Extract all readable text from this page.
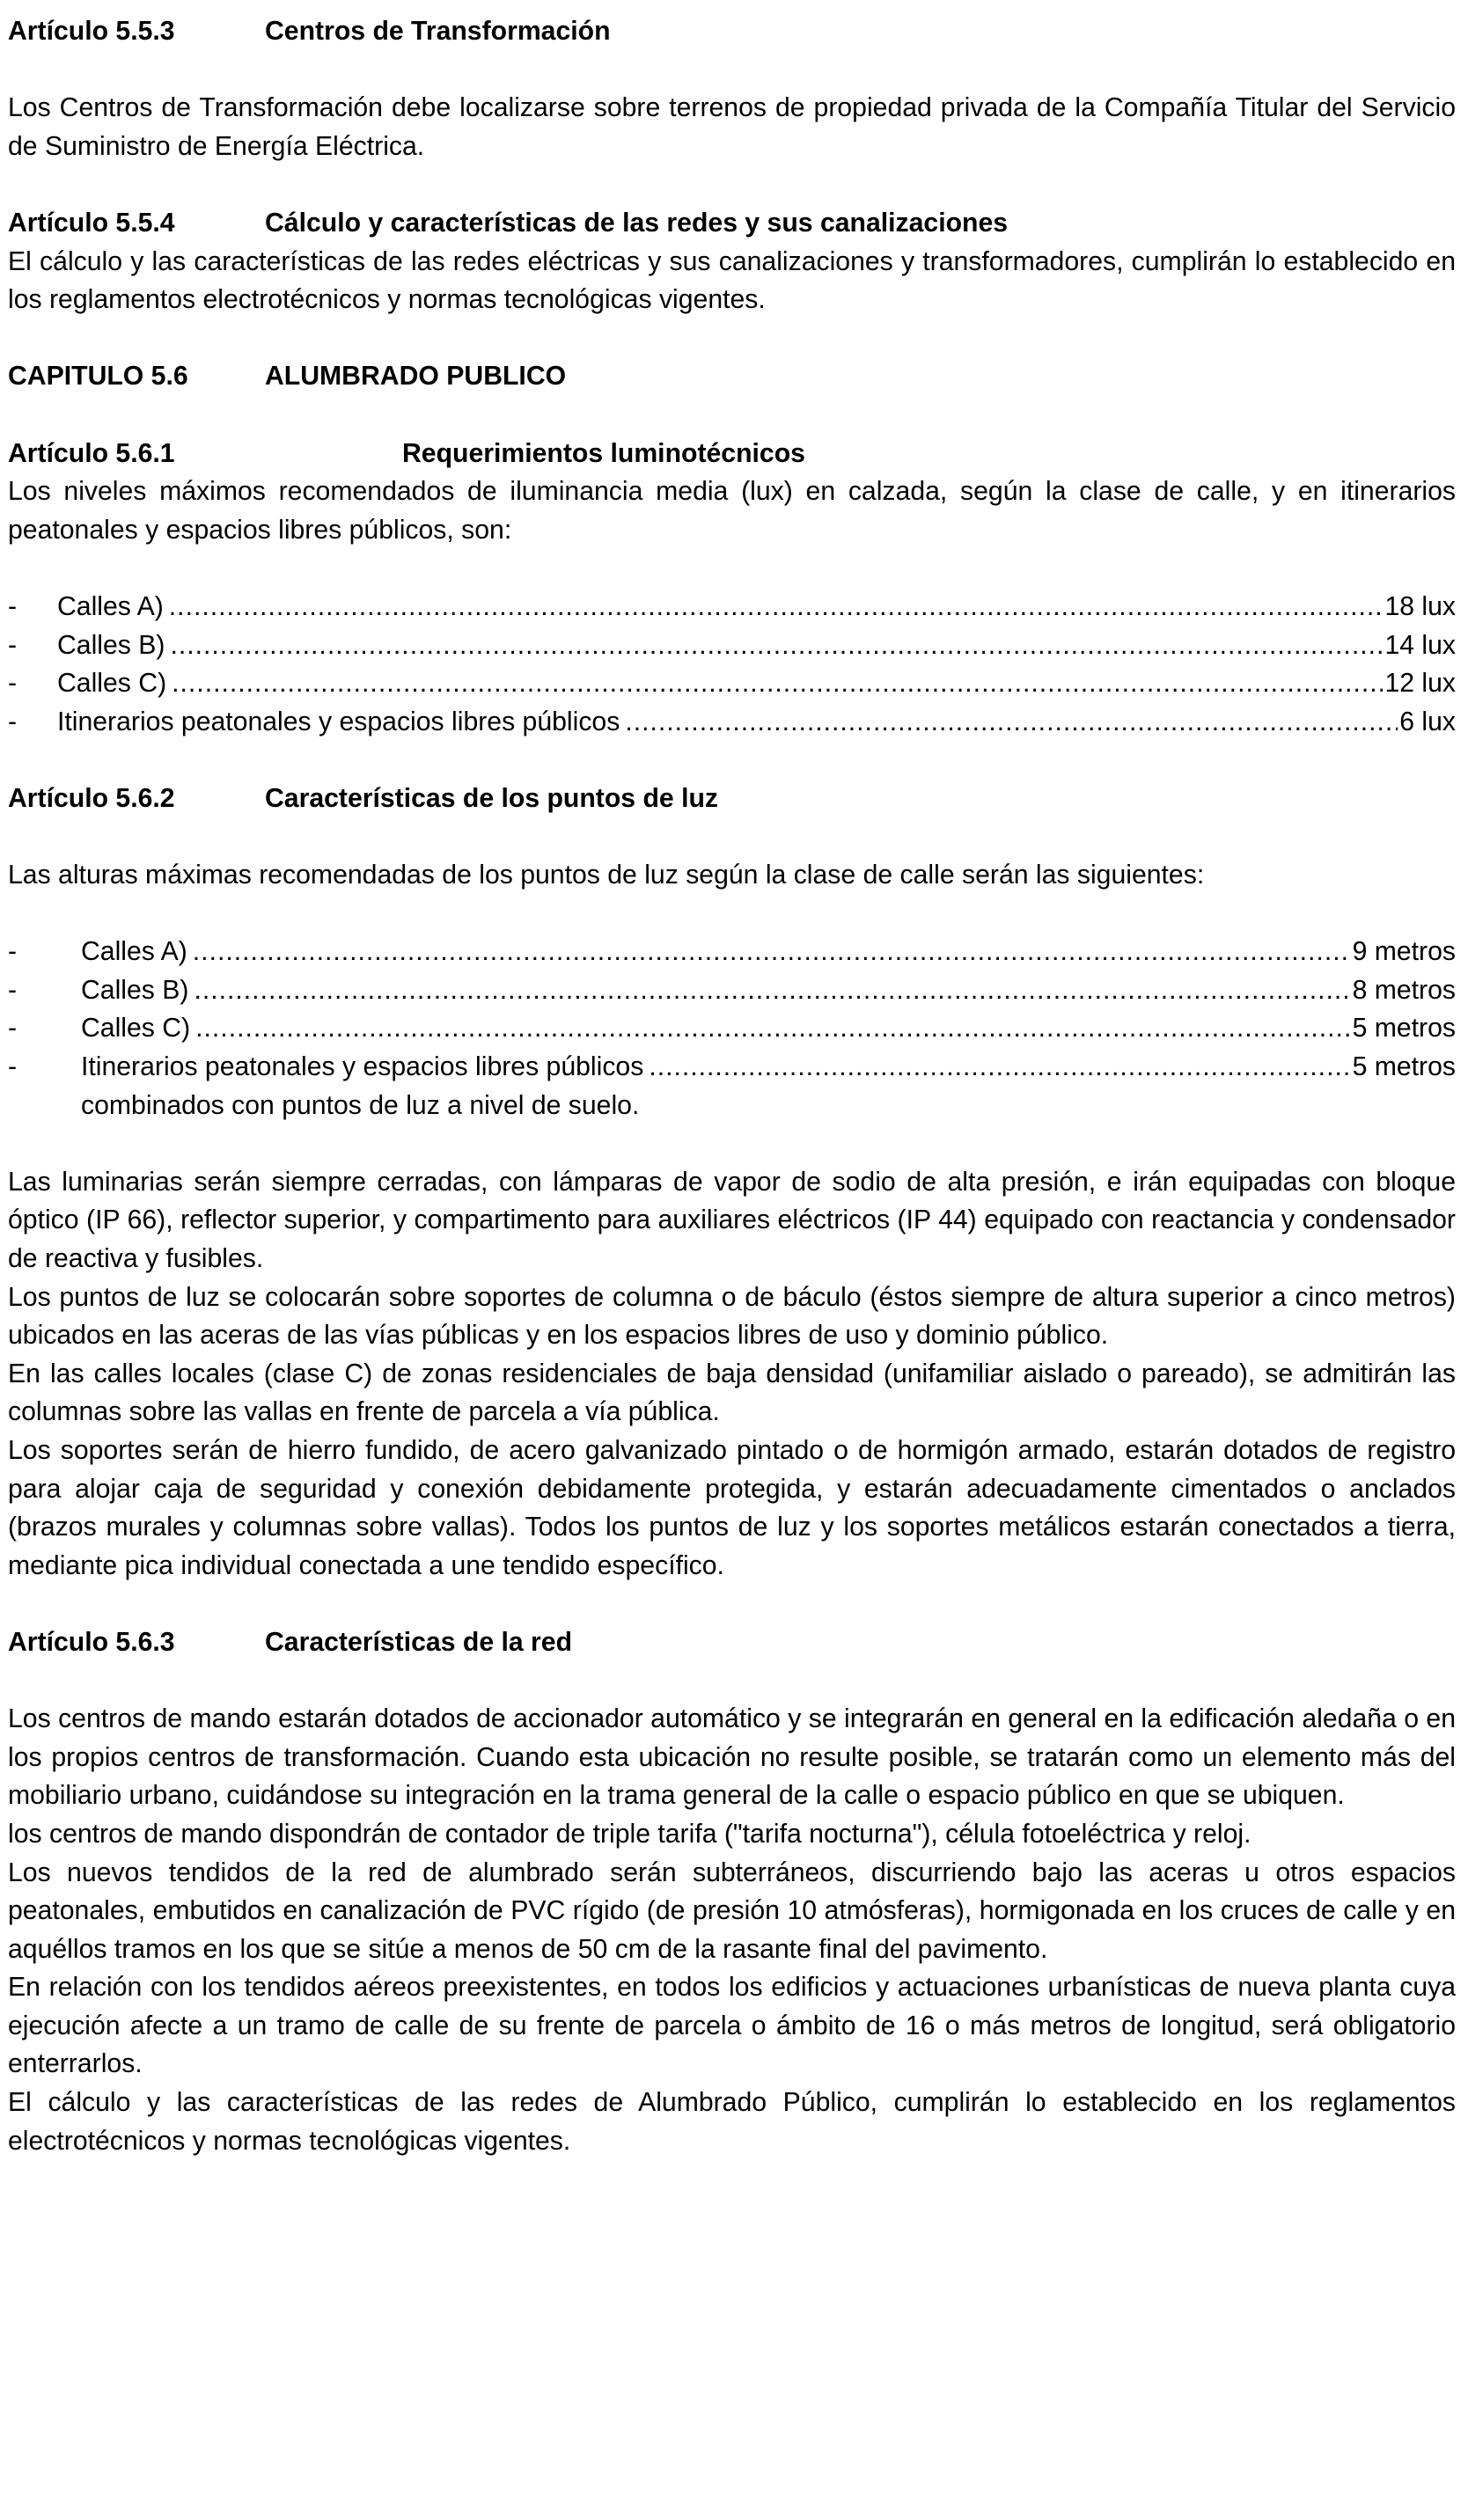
Artículo 5.5.3	Centros de Transformación

Los Centros de Transformación debe localizarse sobre terrenos de propiedad privada de la Compañía Titular del Servicio de Suministro de Energía Eléctrica.

Artículo 5.5.4	Cálculo y características de las redes y sus canalizaciones

El cálculo y las características de las redes eléctricas y sus canalizaciones y transformadores, cumplirán lo establecido en los reglamentos electrotécnicos y normas tecnológicas vigentes.

CAPITULO 5.6	ALUMBRADO PUBLICO
Artículo 5.6.1	Requerimientos luminotécnicos

Los niveles máximos recomendados de iluminancia media (lux) en calzada, según la clase de calle, y en itinerarios peatonales y espacios libres públicos, son:

-	Calles A) .....	18 lux
-	Calles B) .....	14 lux
-	Calles C) .....	12 lux
-	Itinerarios peatonales y espacios libres públicos .....	6 lux
Artículo 5.6.2	Características de los puntos de luz

Las alturas máximas recomendadas de los puntos de luz según la clase de calle serán las siguientes:

-	Calles A) .....	9 metros
-	Calles B) .....	8 metros
-	Calles C) .....	5 metros
-	Itinerarios peatonales y espacios libres públicos .....	5 metros
combinados con puntos de luz a nivel de suelo.

Las luminarias serán siempre cerradas, con lámparas de vapor de sodio de alta presión, e irán equipadas con bloque óptico (IP 66), reflector superior, y compartimento para auxiliares eléctricos (IP 44) equipado con reactancia y condensador de reactiva y fusibles.

Los puntos de luz se colocarán sobre soportes de columna o de báculo (éstos siempre de altura superior a cinco metros) ubicados en las aceras de las vías públicas y en los espacios libres de uso y dominio público.

En las calles locales (clase C) de zonas residenciales de baja densidad (unifamiliar aislado o pareado), se admitirán las columnas sobre las vallas en frente de parcela a vía pública.

Los soportes serán de hierro fundido, de acero galvanizado pintado o de hormigón armado, estarán dotados de registro para alojar caja de seguridad y conexión debidamente protegida, y estarán adecuadamente cimentados o anclados (brazos murales y columnas sobre vallas). Todos los puntos de luz y los soportes metálicos estarán conectados a tierra, mediante pica individual conectada a une tendido específico.

Artículo 5.6.3	Características de la red

Los centros de mando estarán dotados de accionador automático y se integrarán en general en la edificación aledaña o en los propios centros de transformación. Cuando esta ubicación no resulte posible, se tratarán como un elemento más del mobiliario urbano, cuidándose su integración en la trama general de la calle o espacio público en que se ubiquen.

los centros de mando dispondrán de contador de triple tarifa ("tarifa nocturna"), célula fotoeléctrica y reloj.

Los nuevos tendidos de la red de alumbrado serán subterráneos, discurriendo bajo las aceras u otros espacios peatonales, embutidos en canalización de PVC rígido (de presión 10 atmósferas), hormigonada en los cruces de calle y en aquéllos tramos en los que se sitúe a menos de 50 cm de la rasante final del pavimento.

En relación con los tendidos aéreos preexistentes, en todos los edificios y actuaciones urbanísticas de nueva planta cuya ejecución afecte a un tramo de calle de su frente de parcela o ámbito de 16 o más metros de longitud, será obligatorio enterrarlos.

El cálculo y las características de las redes de Alumbrado Público, cumplirán lo establecido en los reglamentos electrotécnicos y normas tecnológicas vigentes.
